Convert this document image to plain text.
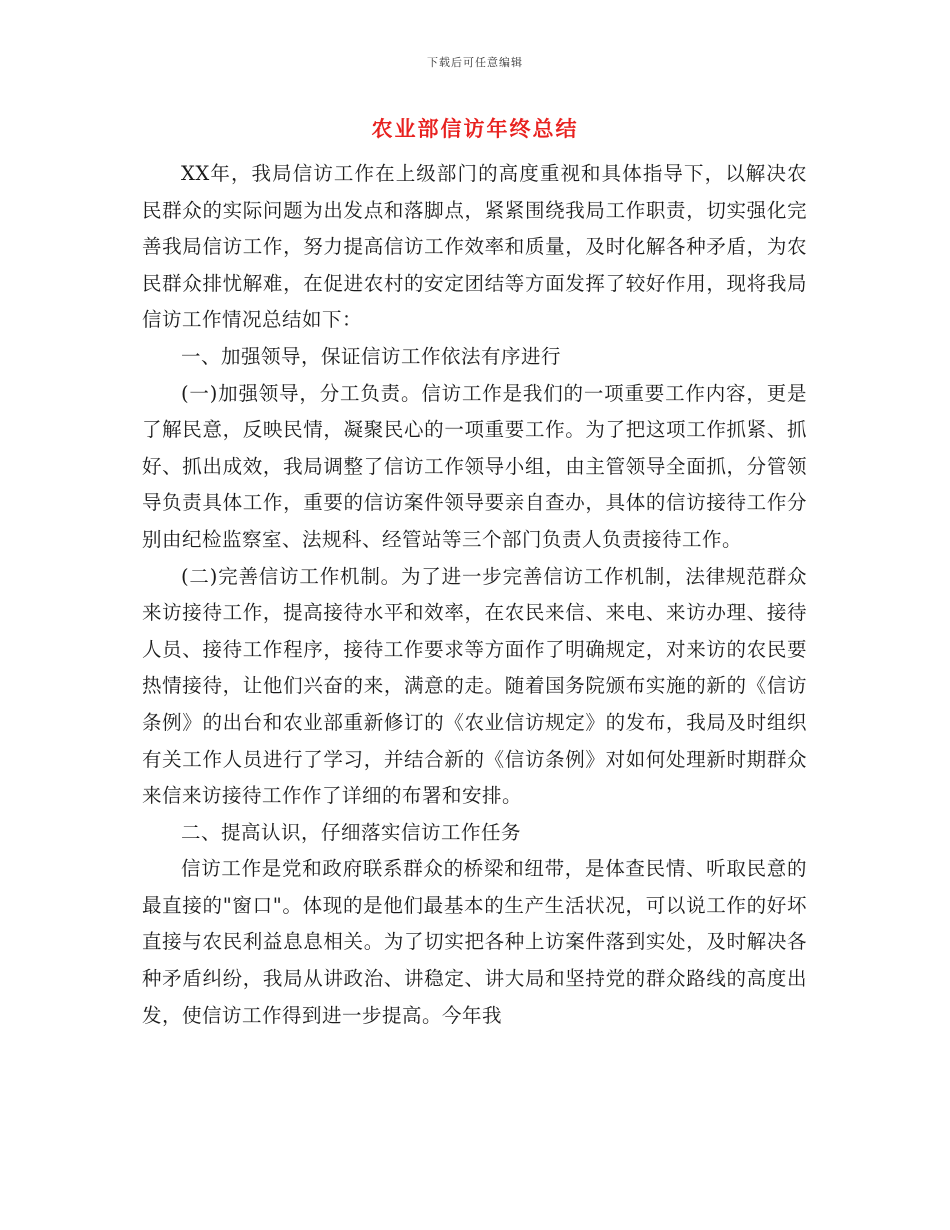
下载后可任意编辑
农业部信访年终总结

XX年，我局信访工作在上级部门的高度重视和具体指导下，以解决农民群众的实际问题为出发点和落脚点，紧紧围绕我局工作职责，切实强化完善我局信访工作，努力提高信访工作效率和质量，及时化解各种矛盾，为农民群众排忧解难，在促进农村的安定团结等方面发挥了较好作用，现将我局信访工作情况总结如下：

一、加强领导，保证信访工作依法有序进行

(一)加强领导，分工负责。信访工作是我们的一项重要工作内容，更是了解民意，反映民情，凝聚民心的一项重要工作。为了把这项工作抓紧、抓好、抓出成效，我局调整了信访工作领导小组，由主管领导全面抓，分管领导负责具体工作，重要的信访案件领导要亲自查办，具体的信访接待工作分别由纪检监察室、法规科、经管站等三个部门负责人负责接待工作。

(二)完善信访工作机制。为了进一步完善信访工作机制，法律规范群众来访接待工作，提高接待水平和效率，在农民来信、来电、来访办理、接待人员、接待工作程序，接待工作要求等方面作了明确规定，对来访的农民要热情接待，让他们兴奋的来，满意的走。随着国务院颁布实施的新的《信访条例》的出台和农业部重新修订的《农业信访规定》的发布，我局及时组织有关工作人员进行了学习，并结合新的《信访条例》对如何处理新时期群众来信来访接待工作作了详细的布署和安排。

二、提高认识，仔细落实信访工作任务

信访工作是党和政府联系群众的桥梁和纽带，是体查民情、听取民意的最直接的"窗口"。体现的是他们最基本的生产生活状况，可以说工作的好坏直接与农民利益息息相关。为了切实把各种上访案件落到实处，及时解决各种矛盾纠纷，我局从讲政治、讲稳定、讲大局和坚持党的群众路线的高度出发，使信访工作得到进一步提高。今年我
